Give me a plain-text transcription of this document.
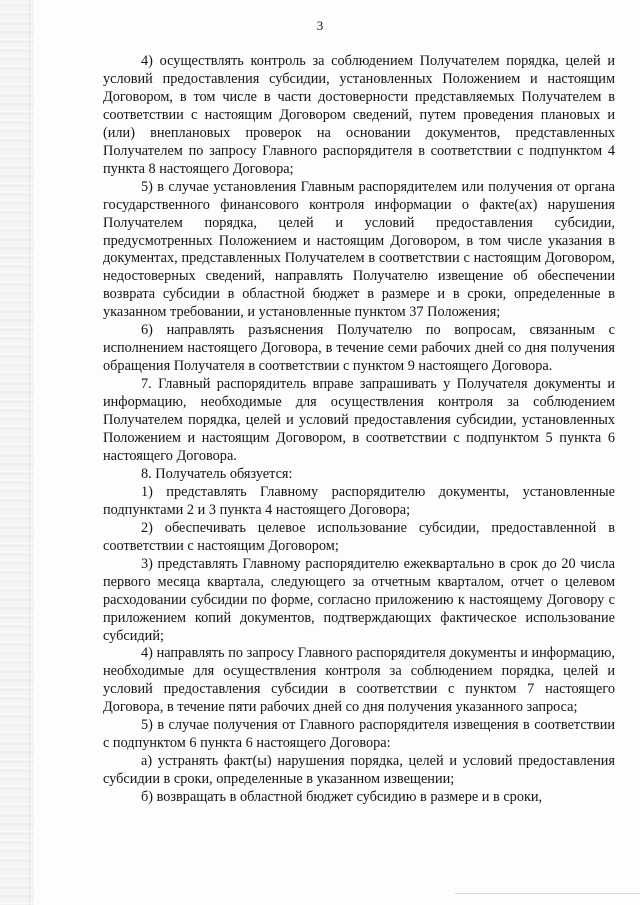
3

4) осуществлять контроль за соблюдением Получателем порядка, целей и условий предоставления субсидии, установленных Положением и настоящим Договором, в том числе в части достоверности представляемых Получателем в соответствии с настоящим Договором сведений, путем проведения плановых и (или) внеплановых проверок на основании документов, представленных Получателем по запросу Главного распорядителя в соответствии с подпунктом 4 пункта 8 настоящего Договора;

5) в случае установления Главным распорядителем или получения от органа государственного финансового контроля информации о факте(ах) нарушения Получателем порядка, целей и условий предоставления субсидии, предусмотренных Положением и настоящим Договором, в том числе указания в документах, представленных Получателем в соответствии с настоящим Договором, недостоверных сведений, направлять Получателю извещение об обеспечении возврата субсидии в областной бюджет в размере и в сроки, определенные в указанном требовании, и установленные пунктом 37 Положения;

6) направлять разъяснения Получателю по вопросам, связанным с исполнением настоящего Договора, в течение семи рабочих дней со дня получения обращения Получателя в соответствии с пунктом 9 настоящего Договора.

7. Главный распорядитель вправе запрашивать у Получателя документы и информацию, необходимые для осуществления контроля за соблюдением Получателем порядка, целей и условий предоставления субсидии, установленных Положением и настоящим Договором, в соответствии с подпунктом 5 пункта 6 настоящего Договора.

8. Получатель обязуется:

1) представлять Главному распорядителю документы, установленные подпунктами 2 и 3 пункта 4 настоящего Договора;

2) обеспечивать целевое использование субсидии, предоставленной в соответствии с настоящим Договором;

3) представлять Главному распорядителю ежеквартально в срок до 20 числа первого месяца квартала, следующего за отчетным кварталом, отчет о целевом расходовании субсидии по форме, согласно приложению к настоящему Договору с приложением копий документов, подтверждающих фактическое использование субсидий;

4) направлять по запросу Главного распорядителя документы и информацию, необходимые для осуществления контроля за соблюдением порядка, целей и условий предоставления субсидии в соответствии с пунктом 7 настоящего Договора, в течение пяти рабочих дней со дня получения указанного запроса;

5) в случае получения от Главного распорядителя извещения в соответствии с подпунктом 6 пункта 6 настоящего Договора:

а) устранять факт(ы) нарушения порядка, целей и условий предоставления субсидии в сроки, определенные в указанном извещении;

б) возвращать в областной бюджет субсидию в размере и в сроки,
